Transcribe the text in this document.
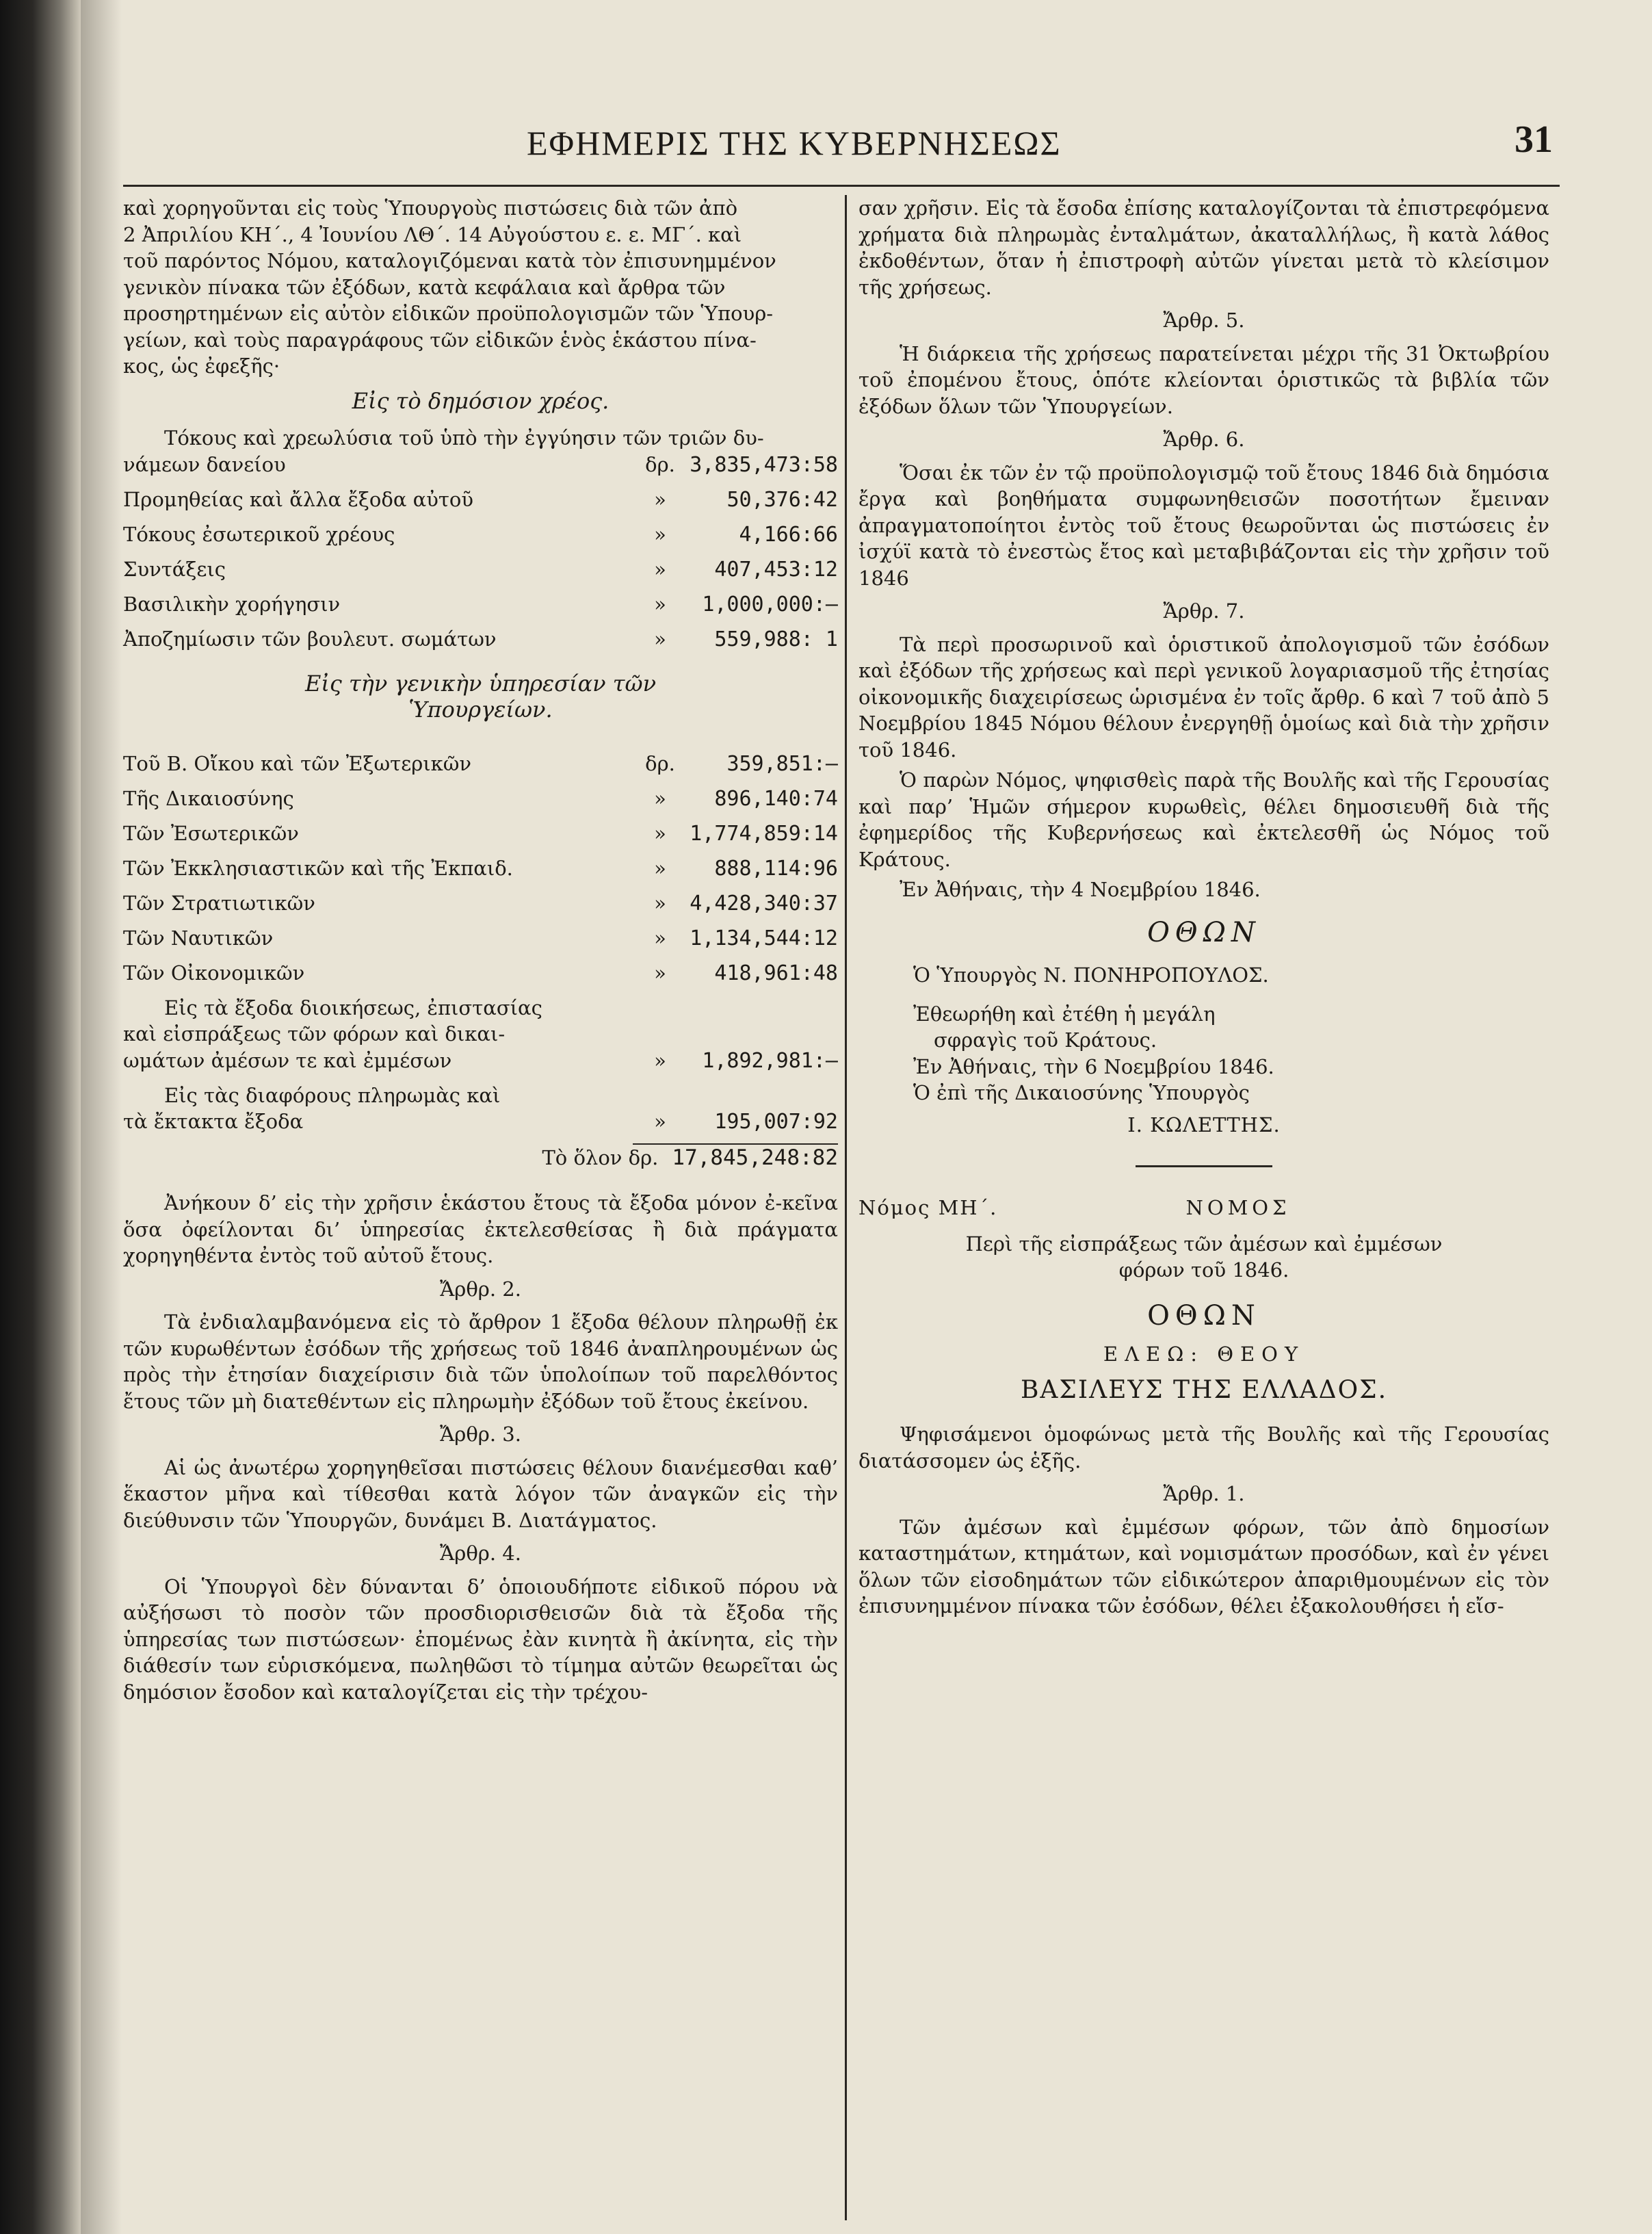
ΕΦΗΜΕΡΙΣ ΤΗΣ ΚΥΒΕΡΝΗΣΕΩΣ	31

καὶ χορηγοῦνται εἰς τοὺς Ὑπουργοὺς πιστώσεις διὰ τῶν ἀπὸ

2 Ἀπριλίου ΚΗ΄., 4 Ἰουνίου ΛΘ΄. 14 Αὐγούστου ε. ε. ΜΓ΄. καὶ

τοῦ παρόντος Νόμου, καταλογιζόμεναι κατὰ τὸν ἐπισυνημμένον

γενικὸν πίνακα τῶν ἐξόδων, κατὰ κεφάλαια καὶ ἄρθρα τῶν

προσηρτημένων εἰς αὐτὸν εἰδικῶν προϋπολογισμῶν τῶν Ὑπουρ-

γείων, καὶ τοὺς παραγράφους τῶν εἰδικῶν ἑνὸς ἑκάστου πίνα-

κος, ὡς ἐφεξῆς·

Εἰς τὸ δημόσιον χρέος.

Τόκους καὶ χρεωλύσια τοῦ ὑπὸ τὴν ἐγγύησιν τῶν τριῶν δυ-

νάμεων δανείου	δρ. 3,835,473:58
Προμηθείας καὶ ἄλλα ἔξοδα αὐτοῦ	»	50,376:42
Τόκους ἐσωτερικοῦ χρέους	»	4,166:66
Συντάξεις	»	407,453:12
Βασιλικὴν χορήγησιν	»	1,000,000:—
Ἀποζημίωσιν τῶν βουλευτ. σωμάτων	»	559,988: 1
Εἰς τὴν γενικὴν ὑπηρεσίαν τῶν
Ὑπουργείων.
Τοῦ Β. Οἴκου καὶ τῶν Ἐξωτερικῶν	δρ.	359,851:—
Τῆς Δικαιοσύνης	»	896,140:74
Τῶν Ἐσωτερικῶν	»	1,774,859:14
Τῶν Ἐκκλησιαστικῶν καὶ τῆς Ἐκπαιδ.	»	888,114:96
Τῶν Στρατιωτικῶν	»	4,428,340:37
Τῶν Ναυτικῶν	»	1,134,544:12
Τῶν Οἰκονομικῶν	»	418,961:48

Εἰς τὰ ἔξοδα διοικήσεως, ἐπιστασίας

καὶ εἰσπράξεως τῶν φόρων καὶ δικαι-

ωμάτων ἀμέσων τε καὶ ἐμμέσων	»	1,892,981:—

Εἰς τὰς διαφόρους πληρωμὰς καὶ

τὰ ἔκτακτα ἔξοδα	»	195,007:92
Τὸ ὅλον δρ. 17,845,248:82

Ἀνήκουν δ’ εἰς τὴν χρῆσιν ἑκάστου ἔτους τὰ ἔξοδα μόνον ἐ-κεῖνα ὅσα ὀφείλονται δι’ ὑπηρεσίας ἐκτελεσθείσας ἢ διὰ πράγματα χορηγηθέντα ἐντὸς τοῦ αὐτοῦ ἔτους.

Ἄρθρ. 2.

Τὰ ἐνδιαλαμβανόμενα εἰς τὸ ἄρθρον 1 ἔξοδα θέλουν πληρωθῇ ἐκ τῶν κυρωθέντων ἐσόδων τῆς χρήσεως τοῦ 1846 ἀναπληρουμένων ὡς πρὸς τὴν ἐτησίαν διαχείρισιν διὰ τῶν ὑπολοίπων τοῦ παρελθόντος ἔτους τῶν μὴ διατεθέντων εἰς πληρωμὴν ἐξόδων τοῦ ἔτους ἐκείνου.

Ἄρθρ. 3.

Αἱ ὡς ἀνωτέρω χορηγηθεῖσαι πιστώσεις θέλουν διανέμεσθαι καθ’ ἕκαστον μῆνα καὶ τίθεσθαι κατὰ λόγον τῶν ἀναγκῶν εἰς τὴν διεύθυνσιν τῶν Ὑπουργῶν, δυνάμει Β. Διατάγματος.

Ἄρθρ. 4.

Οἱ Ὑπουργοὶ δὲν δύνανται δ’ ὁποιουδήποτε εἰδικοῦ πόρου νὰ αὐξήσωσι τὸ ποσὸν τῶν προσδιορισθεισῶν διὰ τὰ ἔξοδα τῆς ὑπηρεσίας των πιστώσεων· ἐπομένως ἐὰν κινητὰ ἢ ἀκίνητα, εἰς τὴν διάθεσίν των εὑρισκόμενα, πωληθῶσι τὸ τίμημα αὐτῶν θεωρεῖται ὡς δημόσιον ἔσοδον καὶ καταλογίζεται εἰς τὴν τρέχου-

σαν χρῆσιν. Εἰς τὰ ἔσοδα ἐπίσης καταλογίζονται τὰ ἐπιστρεφόμενα χρήματα διὰ πληρωμὰς ἐνταλμάτων, ἀκαταλλήλως, ἢ κατὰ λάθος ἐκδοθέντων, ὅταν ἡ ἐπιστροφὴ αὐτῶν γίνεται μετὰ τὸ κλείσιμον τῆς χρήσεως.

Ἄρθρ. 5.

Ἡ διάρκεια τῆς χρήσεως παρατείνεται μέχρι τῆς 31 Ὀκτωβρίου τοῦ ἐπομένου ἔτους, ὁπότε κλείονται ὁριστικῶς τὰ βιβλία τῶν ἐξόδων ὅλων τῶν Ὑπουργείων.

Ἄρθρ. 6.

Ὅσαι ἐκ τῶν ἐν τῷ προϋπολογισμῷ τοῦ ἔτους 1846 διὰ δημόσια ἔργα καὶ βοηθήματα συμφωνηθεισῶν ποσοτήτων ἔμειναν ἀπραγματοποίητοι ἐντὸς τοῦ ἔτους θεωροῦνται ὡς πιστώσεις ἐν ἰσχύϊ κατὰ τὸ ἐνεστὼς ἔτος καὶ μεταβιβάζονται εἰς τὴν χρῆσιν τοῦ 1846

Ἄρθρ. 7.

Τὰ περὶ προσωρινοῦ καὶ ὁριστικοῦ ἀπολογισμοῦ τῶν ἐσόδων καὶ ἐξόδων τῆς χρήσεως καὶ περὶ γενικοῦ λογαριασμοῦ τῆς ἐτησίας οἰκονομικῆς διαχειρίσεως ὡρισμένα ἐν τοῖς ἄρθρ. 6 καὶ 7 τοῦ ἀπὸ 5 Νοεμβρίου 1845 Νόμου θέλουν ἐνεργηθῇ ὁμοίως καὶ διὰ τὴν χρῆσιν τοῦ 1846.

Ὁ παρὼν Νόμος, ψηφισθεὶς παρὰ τῆς Βουλῆς καὶ τῆς Γερουσίας καὶ παρ’ Ἡμῶν σήμερον κυρωθεὶς, θέλει δημοσιευθῆ διὰ τῆς ἐφημερίδος τῆς Κυβερνήσεως καὶ ἐκτελεσθῆ ὡς Νόμος τοῦ Κράτους.

Ἐν Ἀθήναις, τὴν 4 Νοεμβρίου 1846.

ΟΘΩΝ

Ὁ Ὑπουργὸς Ν. ΠΟΝΗΡΟΠΟΥΛΟΣ.

Ἐθεωρήθη καὶ ἐτέθη ἡ μεγάλη

σφραγὶς τοῦ Κράτους.

Ἐν Ἀθήναις, τὴν 6 Νοεμβρίου 1846.

Ὁ ἐπὶ τῆς Δικαιοσύνης Ὑπουργὸς

Ι. ΚΩΛΕΤΤΗΣ.
Νόμος ΜΗ΄.	ΝΟΜΟΣ

Περὶ τῆς εἰσπράξεως τῶν ἀμέσων καὶ ἐμμέσων

φόρων τοῦ 1846.

ΟΘΩΝ
ΕΛΕΩ: ΘΕΟΥ
ΒΑΣΙΛΕΥΣ ΤΗΣ ΕΛΛΑΔΟΣ.

Ψηφισάμενοι ὁμοφώνως μετὰ τῆς Βουλῆς καὶ τῆς Γερουσίας διατάσσομεν ὡς ἑξῆς.

Ἄρθρ. 1.

Τῶν ἀμέσων καὶ ἐμμέσων φόρων, τῶν ἀπὸ δημοσίων καταστημάτων, κτημάτων, καὶ νομισμάτων προσόδων, καὶ ἐν γένει ὅλων τῶν εἰσοδημάτων τῶν εἰδικώτερον ἀπαριθμουμένων εἰς τὸν ἐπισυνημμένον πίνακα τῶν ἐσόδων, θέλει ἐξακολουθήσει ἡ εἴσ-
